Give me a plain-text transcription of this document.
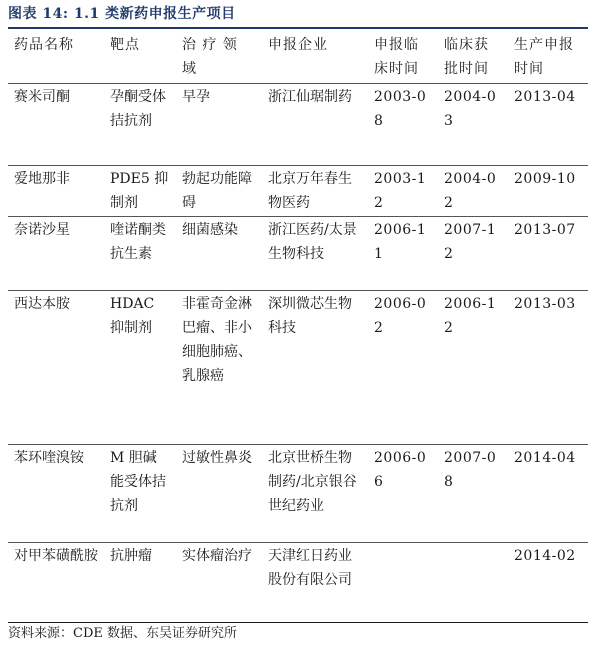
图表 14: 1.1 类新药申报生产项目
药品名称	靶点	治 疗 领 域	申报企业	申报临床时间	临床获批时间	生产申报时间
赛米司酮	孕酮受体拮抗剂	早孕	浙江仙琚制药	2003-08	2004-03	2013-04
爱地那非	PDE5 抑制剂	勃起功能障碍	北京万年春生物医药	2003-12	2004-02	2009-10
奈诺沙星	喹诺酮类抗生素	细菌感染	浙江医药/太景生物科技	2006-11	2007-12	2013-07
西达本胺	HDAC 抑制剂	非霍奇金淋巴瘤、非小细胞肺癌、乳腺癌	深圳微芯生物科技	2006-02	2006-12	2013-03
苯环喹溴铵	M 胆碱能受体拮抗剂	过敏性鼻炎	北京世桥生物制药/北京银谷世纪药业	2006-06	2007-08	2014-04
对甲苯磺酰胺	抗肿瘤	实体瘤治疗	天津红日药业股份有限公司			2014-02
资料来源：CDE 数据、东吴证券研究所
